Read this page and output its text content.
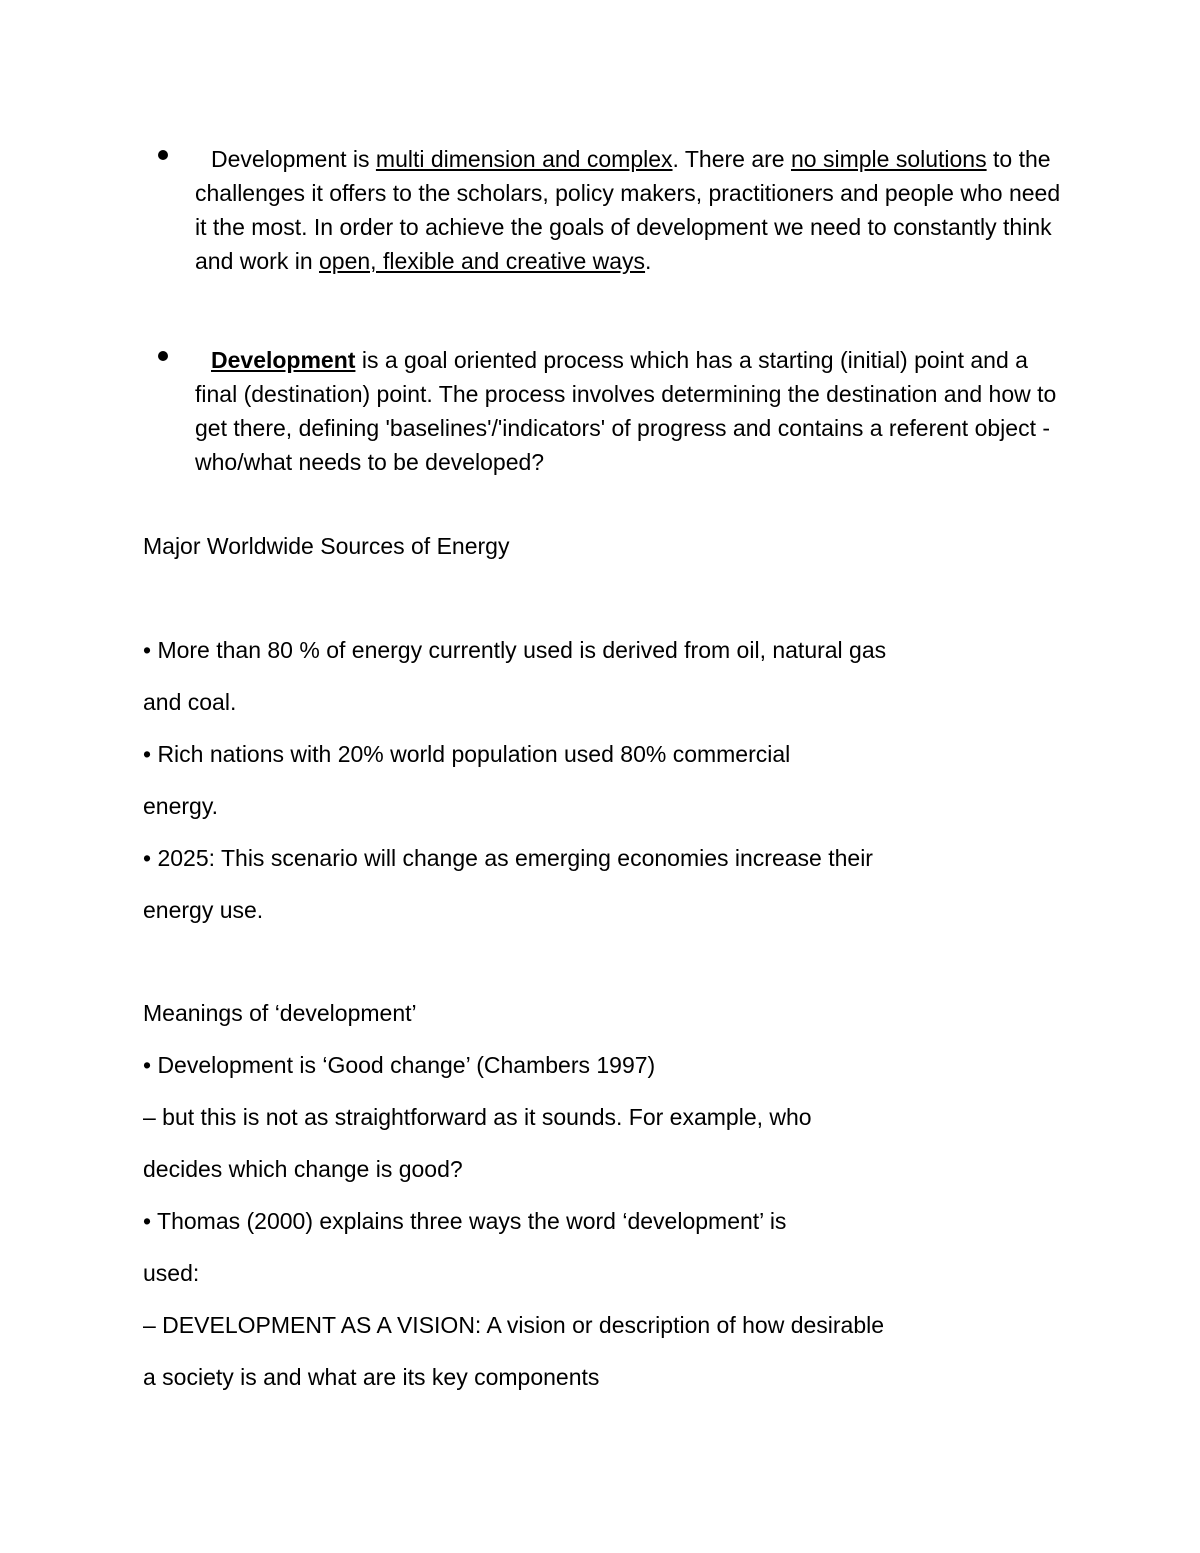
Development is multi dimension and complex. There are no simple solutions to the challenges it offers to the scholars, policy makers, practitioners and people who need it the most. In order to achieve the goals of development we need to constantly think and work in open, flexible and creative ways.
Development is a goal oriented process which has a starting (initial) point and a final (destination) point. The process involves determining the destination and how to get there, defining 'baselines'/'indicators' of progress and contains a referent object - who/what needs to be developed?
Major Worldwide Sources of Energy
• More than 80 % of energy currently used is derived from oil, natural gas
and coal.
• Rich nations with 20% world population used 80% commercial
energy.
• 2025: This scenario will change as emerging economies increase their
energy use.
Meanings of ‘development’
• Development is ‘Good change’ (Chambers 1997)
– but this is not as straightforward as it sounds. For example, who
decides which change is good?
• Thomas (2000) explains three ways the word ‘development’ is
used:
– DEVELOPMENT AS A VISION: A vision or description of how desirable
a society is and what are its key components
